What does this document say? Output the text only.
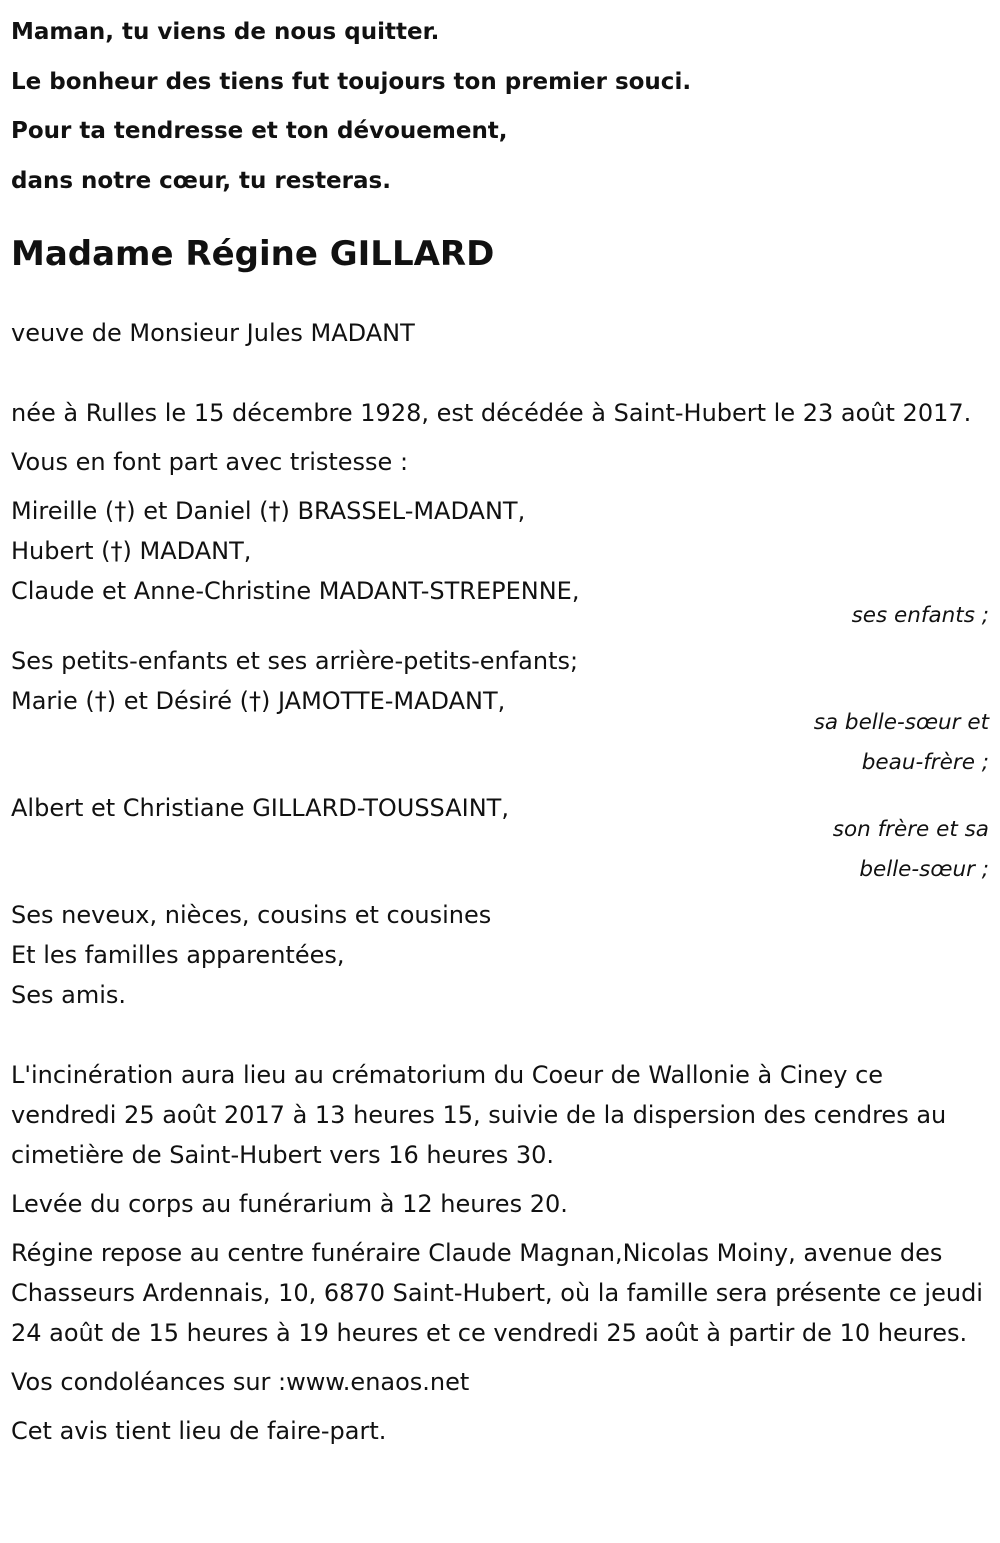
Maman, tu viens de nous quitter.
Le bonheur des tiens fut toujours ton premier souci.
Pour ta tendresse et ton dévouement,
dans notre cœur, tu resteras.
Madame Régine GILLARD

veuve de Monsieur Jules MADANT

née à Rulles le 15 décembre 1928, est décédée à Saint-Hubert le 23 août 2017.

Vous en font part avec tristesse :

Mireille (†) et Daniel (†) BRASSEL-MADANT,
Hubert (†) MADANT,
Claude et Anne-Christine MADANT-STREPENNE,
ses enfants ;
Ses petits-enfants et ses arrière-petits-enfants;
Marie (†) et Désiré (†) JAMOTTE-MADANT,
sa belle-sœur et
beau-frère ;
Albert et Christiane GILLARD-TOUSSAINT,
son frère et sa
belle-sœur ;
Ses neveux, nièces, cousins et cousines
Et les familles apparentées,
Ses amis.

L'incinération aura lieu au crématorium du Coeur de Wallonie à Ciney ce vendredi 25 août 2017 à 13 heures 15, suivie de la dispersion des cendres au cimetière de Saint-Hubert vers 16 heures 30.

Levée du corps au funérarium à 12 heures 20.

Régine repose au centre funéraire Claude Magnan,Nicolas Moiny, avenue des Chasseurs Ardennais, 10, 6870 Saint-Hubert, où la famille sera présente ce jeudi 24 août de 15 heures à 19 heures et ce vendredi 25 août à partir de 10 heures.

Vos condoléances sur :www.enaos.net

Cet avis tient lieu de faire-part.
